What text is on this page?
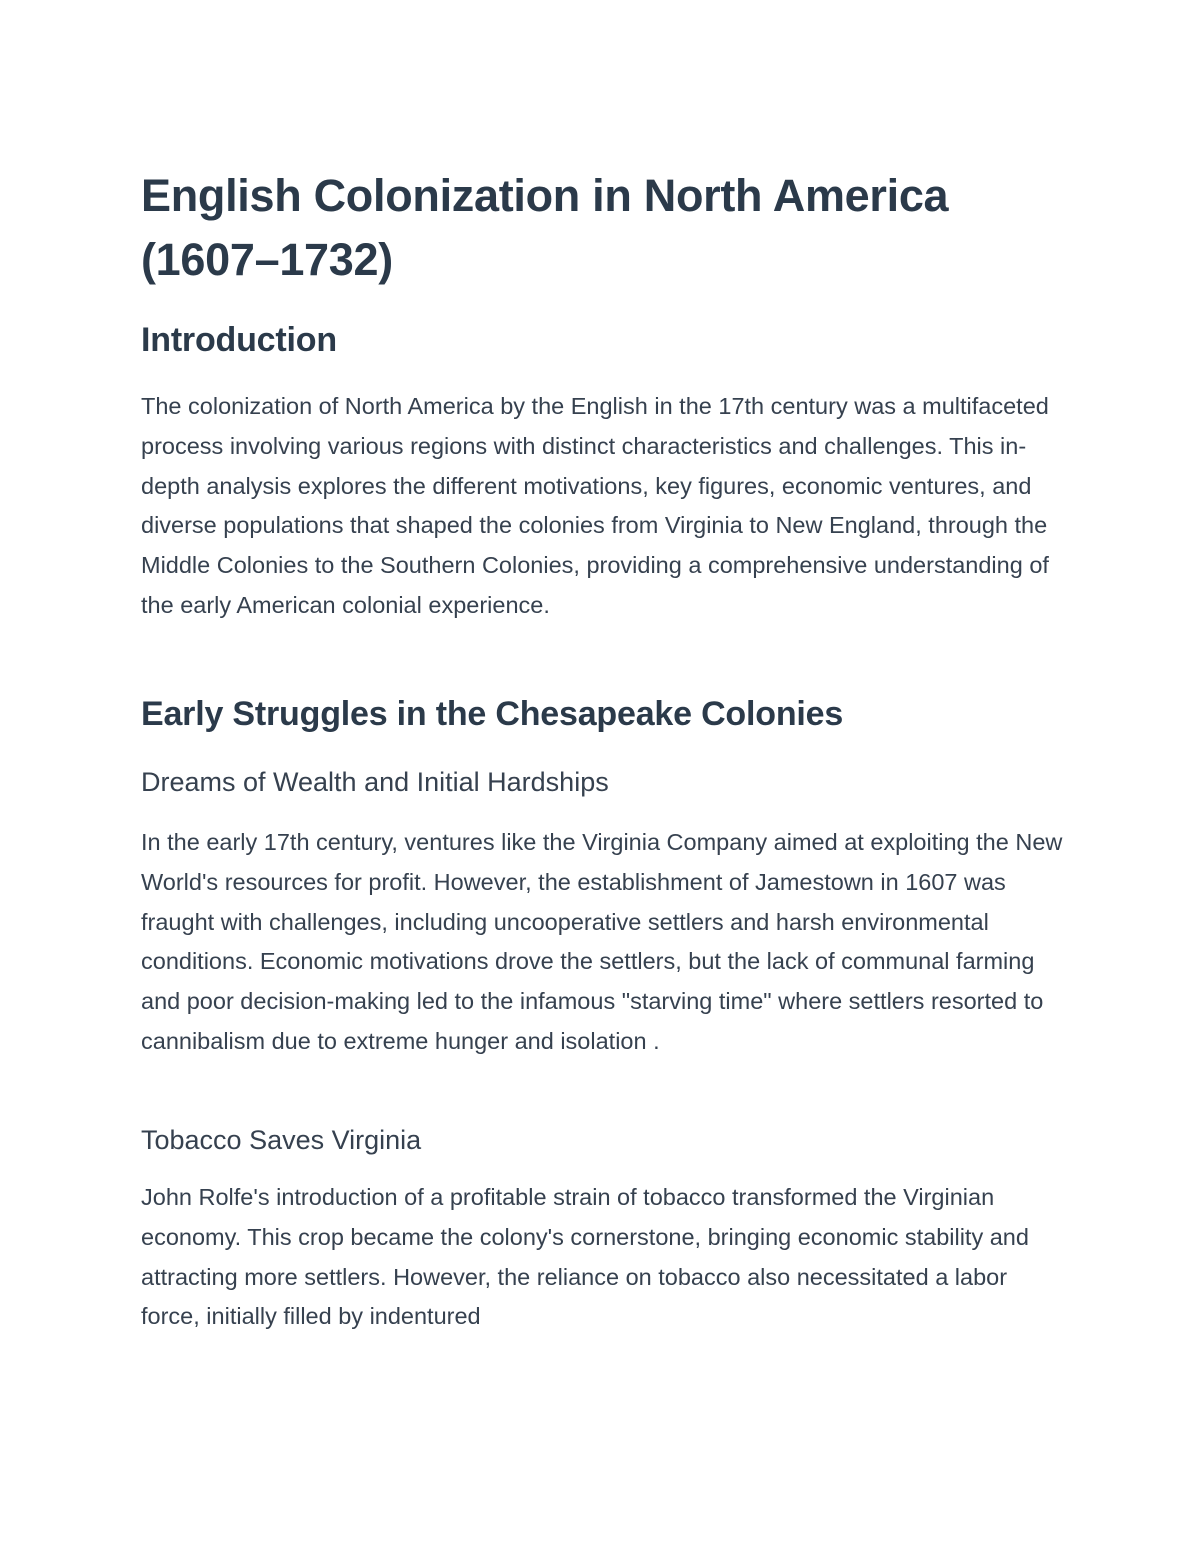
English Colonization in North America (1607–1732)
Introduction

The colonization of North America by the English in the 17th century was a multifaceted process involving various regions with distinct characteristics and challenges. This in-depth analysis explores the different motivations, key figures, economic ventures, and diverse populations that shaped the colonies from Virginia to New England, through the Middle Colonies to the Southern Colonies, providing a comprehensive understanding of the early American colonial experience.

Early Struggles in the Chesapeake Colonies
Dreams of Wealth and Initial Hardships

In the early 17th century, ventures like the Virginia Company aimed at exploiting the New World's resources for profit. However, the establishment of Jamestown in 1607 was fraught with challenges, including uncooperative settlers and harsh environmental conditions. Economic motivations drove the settlers, but the lack of communal farming and poor decision-making led to the infamous "starving time" where settlers resorted to cannibalism due to extreme hunger and isolation .

Tobacco Saves Virginia

John Rolfe's introduction of a profitable strain of tobacco transformed the Virginian economy. This crop became the colony's cornerstone, bringing economic stability and attracting more settlers. However, the reliance on tobacco also necessitated a labor force, initially filled by indentured
